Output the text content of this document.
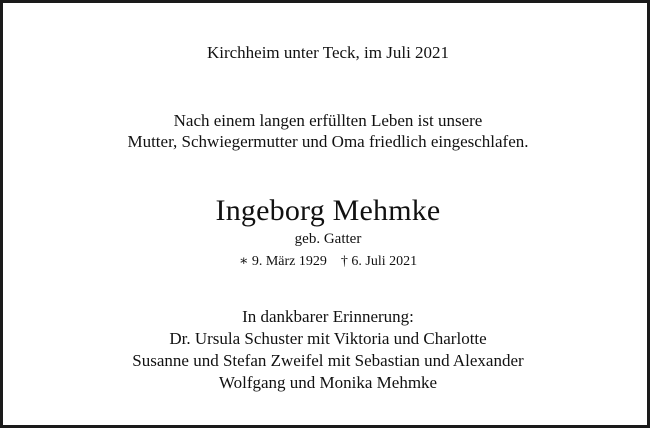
Kirchheim unter Teck, im Juli 2021
Nach einem langen erfüllten Leben ist unsere
Mutter, Schwiegermutter und Oma friedlich eingeschlafen.
Ingeborg Mehmke
geb. Gatter
∗ 9. März 1929 † 6. Juli 2021
In dankbarer Erinnerung:
Dr. Ursula Schuster mit Viktoria und Charlotte
Susanne und Stefan Zweifel mit Sebastian und Alexander
Wolfgang und Monika Mehmke
